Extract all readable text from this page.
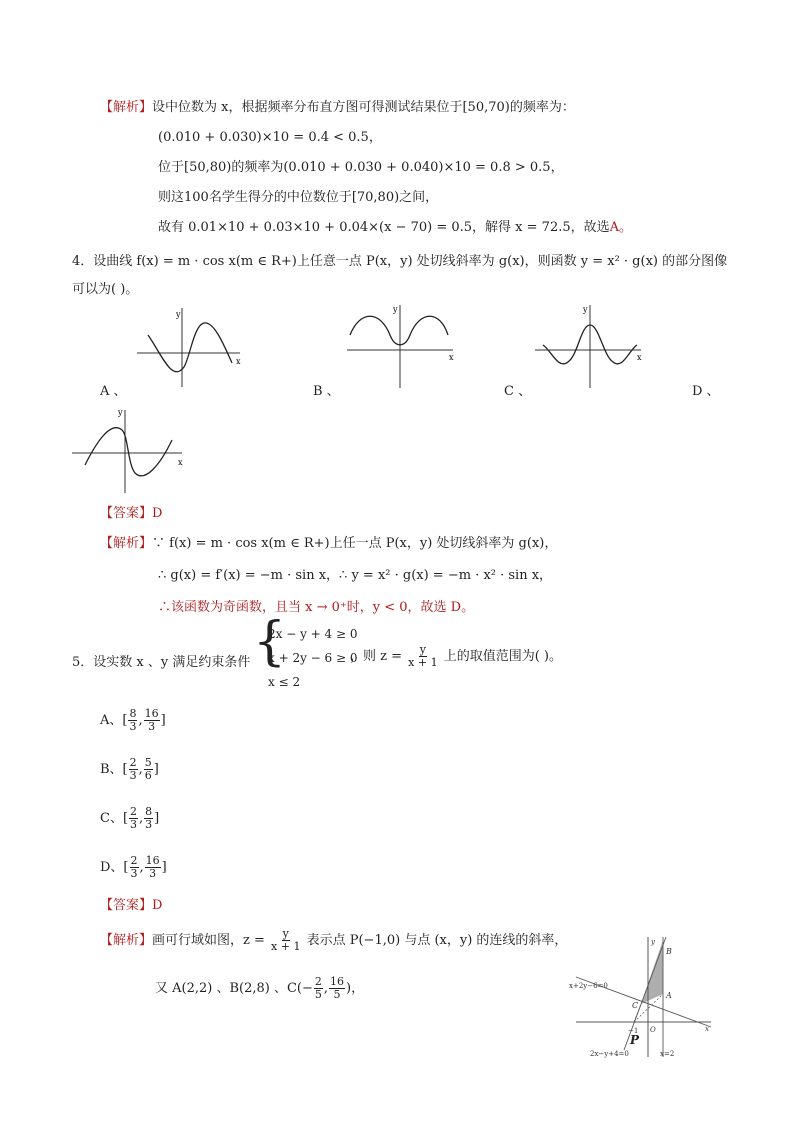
【解析】设中位数为 x，根据频率分布直方图可得测试结果位于[50,70)的频率为：
(0.010 + 0.030)×10 = 0.4 < 0.5，
位于[50,80)的频率为(0.010 + 0.030 + 0.040)×10 = 0.8 > 0.5，
则这100名学生得分的中位数位于[70,80)之间，
故有 0.01×10 + 0.03×10 + 0.04×(x − 70) = 0.5，解得 x = 72.5，故选A。
4．设曲线 f(x) = m · cos x(m ∈ R+)上任意一点 P(x，y) 处切线斜率为 g(x)，则函数 y = x² · g(x) 的部分图像
可以为( )。
y
x
y
x
y
x
y
x
A 、	B 、	C 、	D 、
【答案】D
【解析】∵ f(x) = m · cos x(m ∈ R+)上任一点 P(x，y) 处切线斜率为 g(x)，
∴ g(x) = f′(x) = −m · sin x，∴ y = x² · g(x) = −m · x² · sin x，
∴该函数为奇函数，且当 x → 0⁺时，y < 0，故选 D。
5．设实数 x 、y 满足约束条件 {
2x − y + 4 ≥ 0
x + 2y − 6 ≥ 0
x ≤ 2
，则 $z = \frac{y}{x + 1}$ 上的取值范围为( )。
A、[ $\frac{8}{3}$ , $\frac{16}{3}$ ]
B、[ $\frac{2}{3}$ , $\frac{5}{6}$ ]
C、[ $\frac{2}{3}$ , $\frac{8}{3}$ ]
D、[ $\frac{2}{3}$ , $\frac{16}{3}$ ]
【答案】D
【解析】画可行域如图，$z = \frac{y}{x + 1}$ 表示点 P(−1,0) 与点 (x，y) 的连线的斜率，
又 A(2,2) 、B(2,8) 、$C(- \frac{2}{5}$ , $\frac{16}{5}$ )，	x+2y−6=0
2x−y+4=0	x=2
B
A
C
O
P
−1
y
x
